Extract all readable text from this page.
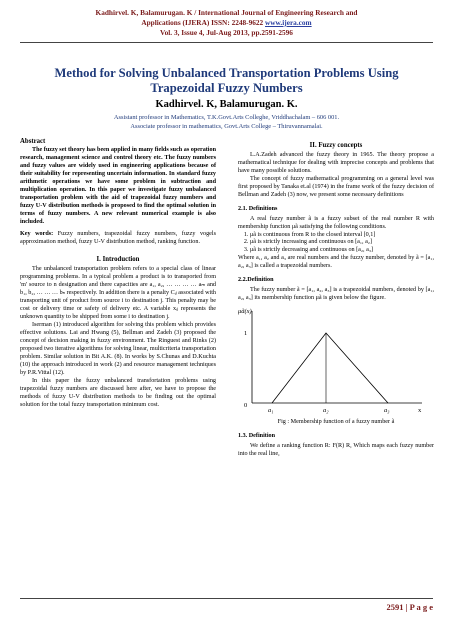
Kadhirvel. K, Balamurugan. K / International Journal of Engineering Research and
Applications (IJERA) ISSN: 2248-9622 www.ijera.com
Vol. 3, Issue 4, Jul-Aug 2013, pp.2591-2596
Method for Solving Unbalanced Transportation Problems Using Trapezoidal Fuzzy Numbers
Kadhirvel. K, Balamurugan. K.
Assistant professor in Mathematics, T.K.Govt.Arts Colleghe, Vriddhachalam – 606 001.
Associate professor in mathematics, Govt.Arts College – Thiruvannamalai.
Abstract

The fuzzy set theory has been applied in many fields such as operation research, management science and control theory etc. The fuzzy numbers and fuzzy values are widely used in engineering applications because of their suitability for representing uncertain information. In standard fuzzy arithmetic operations we have some problem in subtraction and multiplication operation. In this paper we investigate fuzzy unbalanced transportation problem with the aid of trapezoidal fuzzy numbers and fuzzy U-V distribution methods is proposed to find the optimal solution in terms of fuzzy numbers. A new relevant numerical example is also included.

Key words: Fuzzy numbers, trapezoidal fuzzy numbers, fuzzy vogels approximation method, fuzzy U-V distribution method, ranking function.

I. Introduction

The unbalanced transportation problem refers to a special class of linear programming problems. In a typical problem a product is to transported from 'm' source to n designation and there capacities are a₁, a₂, … … … … aₘ and b₁, b₂, … … … bₙ respectively. In addition there is a penalty Cᵢⱼ associated with transporting unit of product from source i to destination j. This penalty may be cost or delivery time or safety of delivery etc. A variable xᵢⱼ represents the unknown quantity to be shipped from some i to destination j.

Iserman (1) introduced algorithm for solving this problem which provides effective solutions. Lai and Hwang (5), Bellman and Zadeh (3) proposed the concept of decision making in fuzzy environment. The Ringuest and Rinks (2) proposed two iterative algorithms for solving linear, multicriteria transportation problem. Similar solution in Bit A.K. (8). In works by S.Chunas and D.Kuchta (10) the approach introduced in work (2) and resource management techniques by P.R.Vittal (12).

In this paper the fuzzy unbalanced transfortation problems using trapezoidal fuzzy numbers are discussed here after, we have to propose the methods of fuzzy U-V distribution methods to be finding out the optimal solution for the total fuzzy transportation minimum cost.

II. Fuzzy concepts

L.A.Zadeh advanced the fuzzy theory in 1965. The theory propose a mathematical technique for dealing with imprecise concepts and problems that have many possible solutions.

The concept of fuzzy mathematical programming on a general level was first proposed by Tanaka et.al (1974) in the frame work of the fuzzy decision of Bellman and Zadeh (3) now, we present some necessary definitions

2.1. Definitions

A real fuzzy number ã is a fuzzy subset of the real number R with membership function μã satisfying the following conditions.

1. μã is continuous from R to the closed interval [0,1]
2. μã is strictly increasing and continuous on [a₁, a₂]
3. μã is strictly decreasing and continuous on [a₂, a₃]

Where a₁, a₂ and a₃ are real numbers and the fuzzy number, denoted by ã = [a₁, a₂, a₃] is called a trapezoidal numbers.

2.2.Definition

The fuzzy number ã = [a₁, a₂, a₃] is a trapezoidal numbers, denoted by [a₁, a₂, a₃] its membership function μã is given below the figure.

μã(x)
1
0
a₁	a₂	a₃	x
Fig : Membership function of a fuzzy number ã
1.3. Definition

We define a ranking function R: F(R) R, Which maps each fuzzy number into the real line,

2591 | P a g e
